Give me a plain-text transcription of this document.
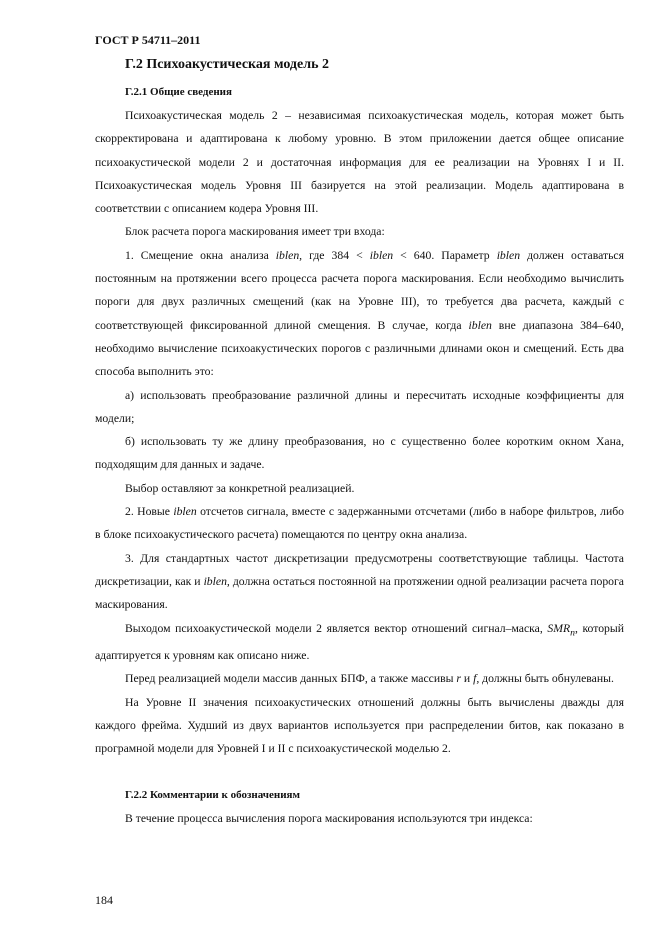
ГОСТ Р 54711–2011
Г.2 Психоакустическая модель 2
Г.2.1 Общие сведения

Психоакустическая модель 2 – независимая психоакустическая модель, которая может быть скорректирована и адаптирована к любому уровню. В этом приложении дается общее описание психоакустической модели 2 и достаточная информация для ее реализации на Уровнях I и II. Психоакустическая модель Уровня III базируется на этой реализации. Модель адаптирована в соответствии с описанием кодера Уровня III.

Блок расчета порога маскирования имеет три входа:

1. Смещение окна анализа iblen, где 384 < iblen < 640. Параметр iblen должен оставаться постоянным на протяжении всего процесса расчета порога маскирования. Если необходимо вычислить пороги для двух различных смещений (как на Уровне III), то требуется два расчета, каждый с соответствующей фиксированной длиной смещения. В случае, когда iblen вне диапазона 384–640, необходимо вычисление психоакустических порогов с различными длинами окон и смещений. Есть два способа выполнить это:

а) использовать преобразование различной длины и пересчитать исходные коэффициенты для модели;

б) использовать ту же длину преобразования, но с существенно более коротким окном Хана, подходящим для данных и задаче.

Выбор оставляют за конкретной реализацией.

2. Новые iblen отсчетов сигнала, вместе с задержанными отсчетами (либо в наборе фильтров, либо в блоке психоакустического расчета) помещаются по центру окна анализа.

3. Для стандартных частот дискретизации предусмотрены соответствующие таблицы. Частота дискретизации, как и iblen, должна остаться постоянной на протяжении одной реализации расчета порога маскирования.

Выходом психоакустической модели 2 является вектор отношений сигнал–маска, $SMR_n$, который адаптируется к уровням как описано ниже.

Перед реализацией модели массив данных БПФ, а также массивы r и f, должны быть обнулеваны.

На Уровне II значения психоакустических отношений должны быть вычислены дважды для каждого фрейма. Худший из двух вариантов используется при распределении битов, как показано в програмной модели для Уровней I и II с психоакустической моделью 2.

Г.2.2 Комментарии к обозначениям

В течение процесса вычисления порога маскирования используются три индекса:

184
